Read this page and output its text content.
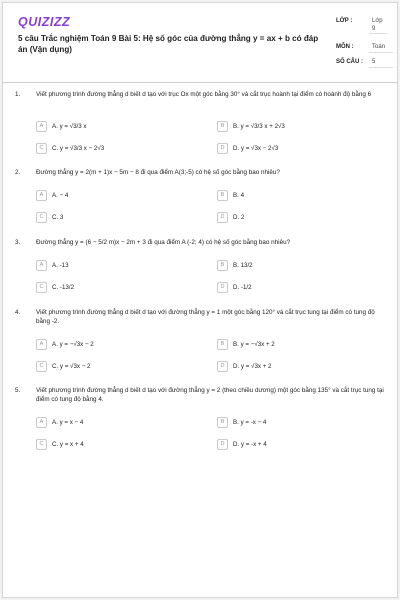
QUIZIZZ
5 câu Trắc nghiệm Toán 9 Bài 5: Hệ số góc của đường thẳng y = ax + b có đáp án (Vận dụng)
LỚP :	Lớp 9
MÔN :	Toán
SỐ CÂU :	5
1. Viết phương trình đường thẳng d biết d tạo với trục Ox một góc bằng 30° và cắt trục hoành tại điểm có hoành độ bằng 6
A	A. y = √3/3 x	B	B. y = √3/3 x + 2√3
C	C. y = √3/3 x − 2√3	D	D. y = √3x − 2√3
2. Đường thẳng y = 2(m + 1)x − 5m − 8 đi qua điểm A(3;-5) có hệ số góc bằng bao nhiêu?
A	A. − 4	B	B. 4
C	C. 3	D	D. 2
3. Đường thẳng y = (6 − 5/2 m)x − 2m + 3 đi qua điểm A (-2; 4) có hệ số góc bằng bao nhiêu?
A	A. -13	B	B. 13/2
C	C. -13/2	D	D. -1/2
4. Viết phương trình đường thẳng d biết d tạo với đường thẳng y = 1 một góc bằng 120° và cắt trục tung tại điểm có tung độ bằng -2.
A	A. y = −√3x − 2	B	B. y = −√3x + 2
C	C. y = √3x − 2	D	D. y = √3x + 2
5. Viết phương trình đường thẳng d biết d tạo với đường thẳng y = 2 (theo chiều dương) một góc bằng 135° và cắt trục tung tại điểm có tung độ bằng 4.
A	A. y = x − 4	B	B. y = -x − 4
C	C. y = x + 4	D	D. y = -x + 4
